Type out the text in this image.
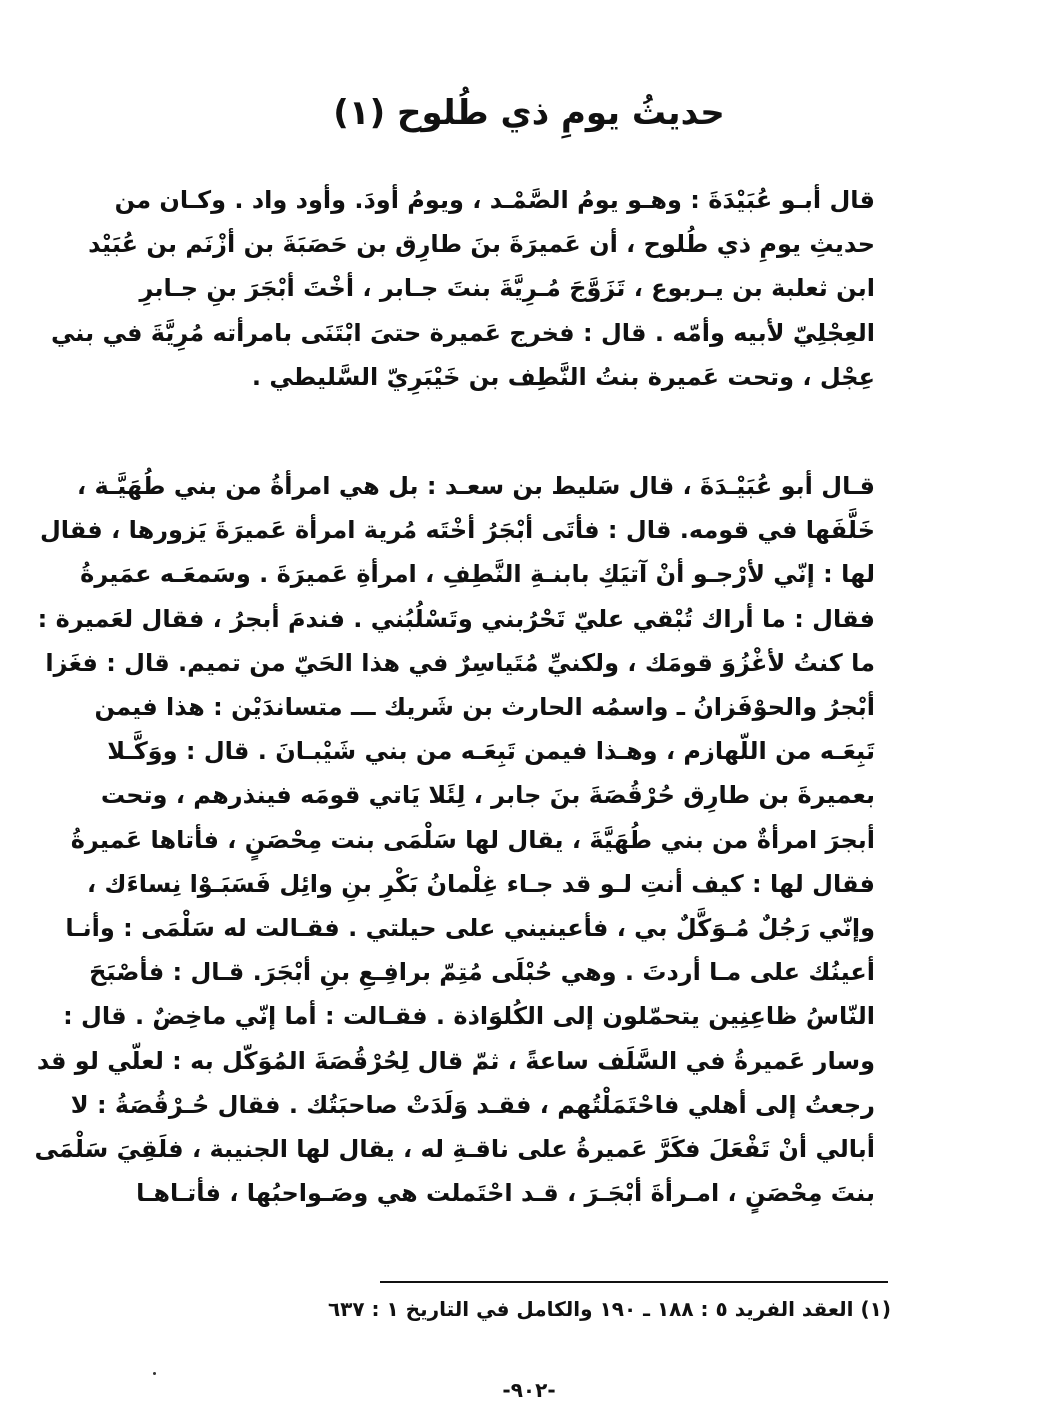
حديثُ يومِ ذي طُلوح (١)
قال أبـو عُبَيْدَةَ : وهـو يومُ الصَّمْـد ، ويومُ أودَ. وأود واد . وكـان من
حديثِ يومِ ذي طُلوح ، أن عَميرَةَ بنَ طارِق بن حَصَبَةَ بن أزْنَم بن عُبَيْد
ابن ثعلبة بن يـربوع ، تَزَوَّجَ مُـرِيَّةَ بنتَ جـابر ، أخْتَ أبْجَرَ بنِ جـابرِ
العِجْلِيّ لأبيه وأمّه . قال : فخرج عَميرة حتىَ ابْتَنَى بامرأته مُرِيَّةَ في بني
عِجْل ، وتحت عَميرة بنتُ النَّطِف بن خَيْبَرِيّ السَّليطي .
قـال أبو عُبَيْـدَةَ ، قال سَليط بن سعـد : بل هي امرأةُ من بني طُهَيَّـة ،
خَلَّفَها في قومه. قال : فأتَى أبْجَرُ أخْتَه مُرية امرأة عَميرَةَ يَزورها ، فقال
لها : إنّي لأرْجـو أنْ آتيَكِ بابنـةِ النَّطِفِ ، امرأةِ عَميرَةَ . وسَمعَـه عمَيرةُ
فقال : ما أراك تُبْقي عليّ تَحْرُبني وتَسْلُبُني . فندمَ أبجرُ ، فقال لعَميرة :
ما كنتُ لأغْزُوَ قومَك ، ولكنيِّ مُتَياسِرٌ في هذا الحَيّ من تميم. قال : فغَزا
أبْجرُ والحوْفَزانُ ـ واسمُه الحارث بن شَريك ـــ متساندَيْن : هذا فيمن
تَبِعَـه من اللّهازم ، وهـذا فيمن تَبِعَـه من بني شَيْبـانَ . قال : ووَكَّـلا
بعميرةَ بن طارِق حُرْقُصَةَ بنَ جابر ، لِئَلا يَاتي قومَه فينذرهم ، وتحت
أبجرَ امرأةٌ من بني طُهَيَّةَ ، يقال لها سَلْمَى بنت مِحْصَنٍ ، فأتاها عَميرةُ
فقال لها : كيف أنتِ لـو قد جـاء غِلْمانُ بَكْرِ بنِ وائِل فَسَبَـوْا نِساءَك ،
وإنّي رَجُلٌ مُـوَكَّلٌ بي ، فأعينيني على حيلتي . فقـالت له سَلْمَى : وأنـا
أعينُك على مـا أردتَ . وهي حُبْلَى مُتِمّ برافِـعِ بنِ أبْجَرَ. قـال : فأصْبَحَ
النّاسُ ظاعِنِين يتحمّلون إلى الكُلوَاذة . فقـالت : أما إنّي ماخِضٌ . قال :
وسار عَميرةُ في السَّلَف ساعةً ، ثمّ قال لِحُرْقُصَةَ المُوَكّل به : لعلّي لو قد
رجعتُ إلى أهلي فاحْتَمَلْتُهم ، فقـد وَلَدَتْ صاحبَتُك . فقال حُـرْقُصَةُ : لا
أبالي أنْ تَفْعَلَ فكَرَّ عَميرةُ على ناقـةِ له ، يقال لها الجنيبة ، فلَقِيَ سَلْمَى
بنتَ مِحْصَنٍ ، امـرأةَ أبْجَـرَ ، قـد احْتَملت هي وصَـواحبُها ، فأتـاهـا
(١) العقد الفريد ٥ : ١٨٨ ـ ١٩٠ والكامل في التاريخ ١ : ٦٣٧
-٩٠٢-
